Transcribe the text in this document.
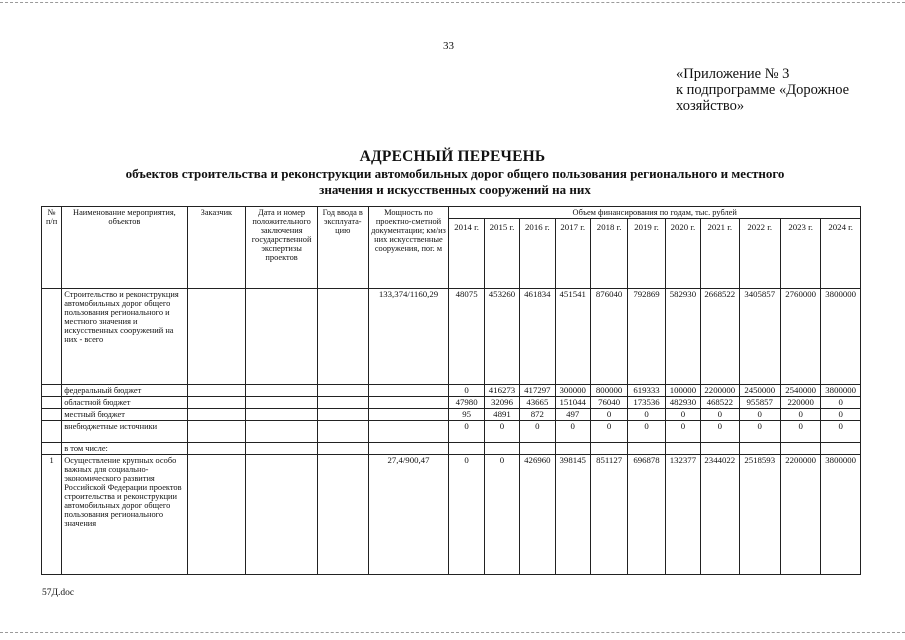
33
«Приложение № 3
к подпрограмме «Дорожное
хозяйство»
АДРЕСНЫЙ ПЕРЕЧЕНЬ
объектов строительства и реконструкции автомобильных дорог общего пользования регионального и местного
значения и искусственных сооружений на них
№ п/п	Наименование мероприятия, объектов	Заказчик	Дата и номер положительного заключения государственной экспертизы проектов	Год ввода в эксплуата-цию	Мощность по проектно-сметной документации; км/из них искусственные сооружения, пог. м	Объем финансирования по годам, тыс. рублей										
						2014 г.	2015 г.	2016 г.	2017 г.	2018 г.	2019 г.	2020 г.	2021 г.	2022 г.	2023 г.	2024 г.
	Строительство и реконструкция автомобильных дорог общего пользования регионального и местного значения и искусственных сооружений на них - всего				133,374/1160,29	48075	453260	461834	451541	876040	792869	582930	2668522	3405857	2760000	3800000
	федеральный бюджет					0	416273	417297	300000	800000	619333	100000	2200000	2450000	2540000	3800000
	областной бюджет					47980	32096	43665	151044	76040	173536	482930	468522	955857	220000	0
	местный бюджет					95	4891	872	497	0	0	0	0	0	0	0
	внебюджетные источники					0	0	0	0	0	0	0	0	0	0	0
	в том числе:															
1	Осуществление крупных особо важных для социально-экономического развития Российской Федерации проектов строительства и реконструкции автомобильных дорог общего пользования регионального значения				27,4/900,47	0	0	426960	398145	851127	696878	132377	2344022	2518593	2200000	3800000
57Д.doc
